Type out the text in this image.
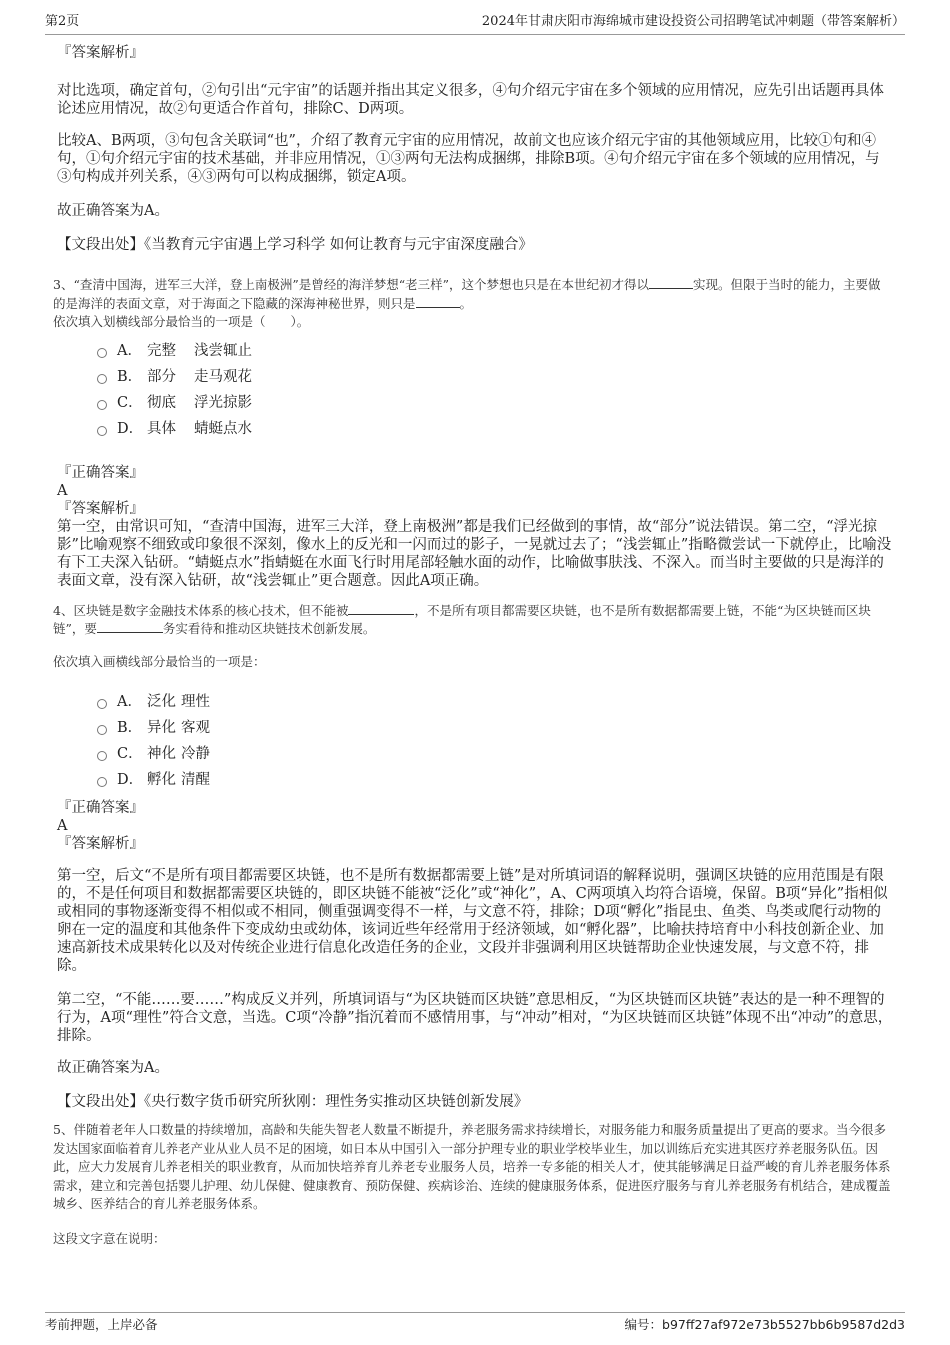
第2页	2024年甘肃庆阳市海绵城市建设投资公司招聘笔试冲刺题（带答案解析）

『答案解析』

对比选项，确定首句，②句引出“元宇宙”的话题并指出其定义很多，④句介绍元宇宙在多个领域的应用情况，应先引出话题再具体论述应用情况，故②句更适合作首句，排除C、D两项。

比较A、B两项，③句包含关联词“也”，介绍了教育元宇宙的应用情况，故前文也应该介绍元宇宙的其他领域应用，比较①句和④句，①句介绍元宇宙的技术基础，并非应用情况，①③两句无法构成捆绑，排除B项。④句介绍元宇宙在多个领域的应用情况，与③句构成并列关系，④③两句可以构成捆绑，锁定A项。

故正确答案为A。

【文段出处】《当教育元宇宙遇上学习科学 如何让教育与元宇宙深度融合》

3、“查清中国海，进军三大洋，登上南极洲”是曾经的海洋梦想“老三样”，这个梦想也只是在本世纪初才得以	实现。但限于当时的能力，主要做的是海洋的表面文章，对于海面之下隐藏的深海神秘世界，则只是	。

依次填入划横线部分最恰当的一项是（　　）。

A． 完整 浅尝辄止
B． 部分 走马观花
C． 彻底 浮光掠影
D． 具体 蜻蜓点水

『正确答案』

A

『答案解析』

第一空，由常识可知，“查清中国海，进军三大洋，登上南极洲”都是我们已经做到的事情，故“部分”说法错误。第二空，“浮光掠影”比喻观察不细致或印象很不深刻，像水上的反光和一闪而过的影子，一晃就过去了；“浅尝辄止”指略微尝试一下就停止，比喻没有下工夫深入钻研。“蜻蜓点水”指蜻蜓在水面飞行时用尾部轻触水面的动作，比喻做事肤浅、不深入。而当时主要做的只是海洋的表面文章，没有深入钻研，故“浅尝辄止”更合题意。因此A项正确。

4、区块链是数字金融技术体系的核心技术，但不能被	，不是所有项目都需要区块链，也不是所有数据都需要上链，不能“为区块链而区块链”，要	务实看待和推动区块链技术创新发展。

依次填入画横线部分最恰当的一项是：

A． 泛化 理性
B． 异化 客观
C． 神化 冷静
D． 孵化 清醒

『正确答案』

A

『答案解析』

第一空，后文“不是所有项目都需要区块链，也不是所有数据都需要上链”是对所填词语的解释说明，强调区块链的应用范围是有限的，不是任何项目和数据都需要区块链的，即区块链不能被“泛化”或“神化”，A、C两项填入均符合语境，保留。B项“异化”指相似或相同的事物逐渐变得不相似或不相同，侧重强调变得不一样，与文意不符，排除；D项“孵化”指昆虫、鱼类、鸟类或爬行动物的卵在一定的温度和其他条件下变成幼虫或幼体，该词近些年经常用于经济领域，如“孵化器”，比喻扶持培育中小科技创新企业、加速高新技术成果转化以及对传统企业进行信息化改造任务的企业，文段并非强调利用区块链帮助企业快速发展，与文意不符，排除。

第二空，“不能……要……”构成反义并列，所填词语与“为区块链而区块链”意思相反，“为区块链而区块链”表达的是一种不理智的行为，A项“理性”符合文意，当选。C项“冷静”指沉着而不感情用事，与“冲动”相对，“为区块链而区块链”体现不出“冲动”的意思，排除。

故正确答案为A。

【文段出处】《央行数字货币研究所狄刚：理性务实推动区块链创新发展》

5、伴随着老年人口数量的持续增加，高龄和失能失智老人数量不断提升，养老服务需求持续增长，对服务能力和服务质量提出了更高的要求。当今很多发达国家面临着育儿养老产业从业人员不足的困境，如日本从中国引入一部分护理专业的职业学校毕业生，加以训练后充实进其医疗养老服务队伍。因此，应大力发展育儿养老相关的职业教育，从而加快培养育儿养老专业服务人员，培养一专多能的相关人才，使其能够满足日益严峻的育儿养老服务体系需求，建立和完善包括婴儿护理、幼儿保健、健康教育、预防保健、疾病诊治、连续的健康服务体系，促进医疗服务与育儿养老服务有机结合，建成覆盖城乡、医养结合的育儿养老服务体系。

这段文字意在说明：

考前押题，上岸必备	编号：b97ff27af972e73b5527bb6b9587d2d3
